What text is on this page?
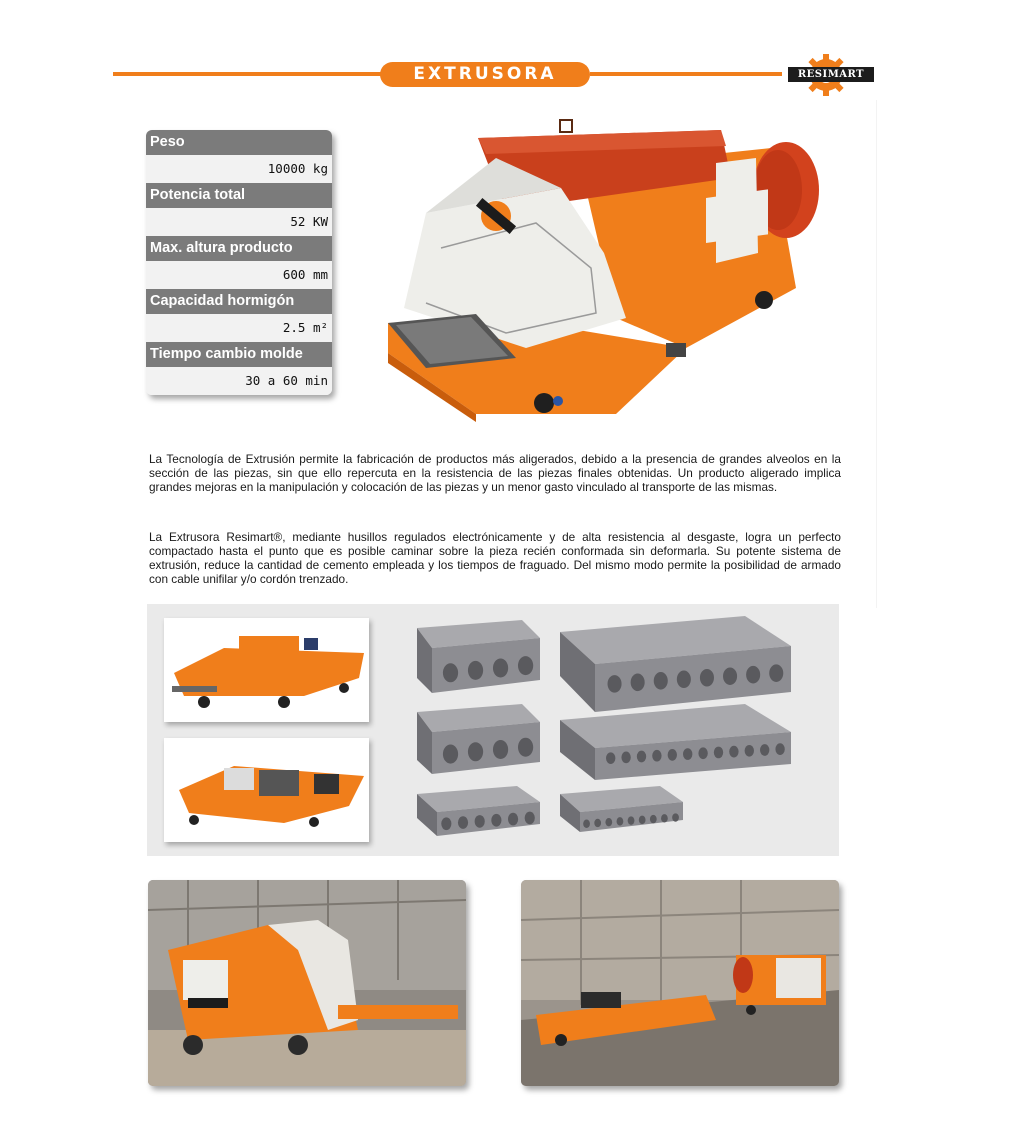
EXTRUSORA	RESIMART
Peso
10000 kg
Potencia total
52 KW
Max. altura producto
600 mm
Capacidad hormigón
2.5 m²
Tiempo cambio molde
30 a 60 min

La Tecnología de Extrusión permite la fabricación de productos más aligerados, debido a la presencia de grandes alveolos en la sección de las piezas, sin que ello repercuta en la resistencia de las piezas finales obtenidas. Un producto aligerado implica grandes mejoras en la manipulación y colocación de las piezas y un menor gasto vinculado al transporte de las mismas.

La Extrusora Resimart®, mediante husillos regulados electrónicamente y de alta resistencia al desgaste, logra un perfecto compactado hasta el punto que es posible caminar sobre la pieza recién conformada sin deformarla. Su potente sistema de extrusión, reduce la cantidad de cemento empleada y los tiempos de fraguado. Del mismo modo permite la posibilidad de armado con cable unifilar y/o cordón trenzado.
